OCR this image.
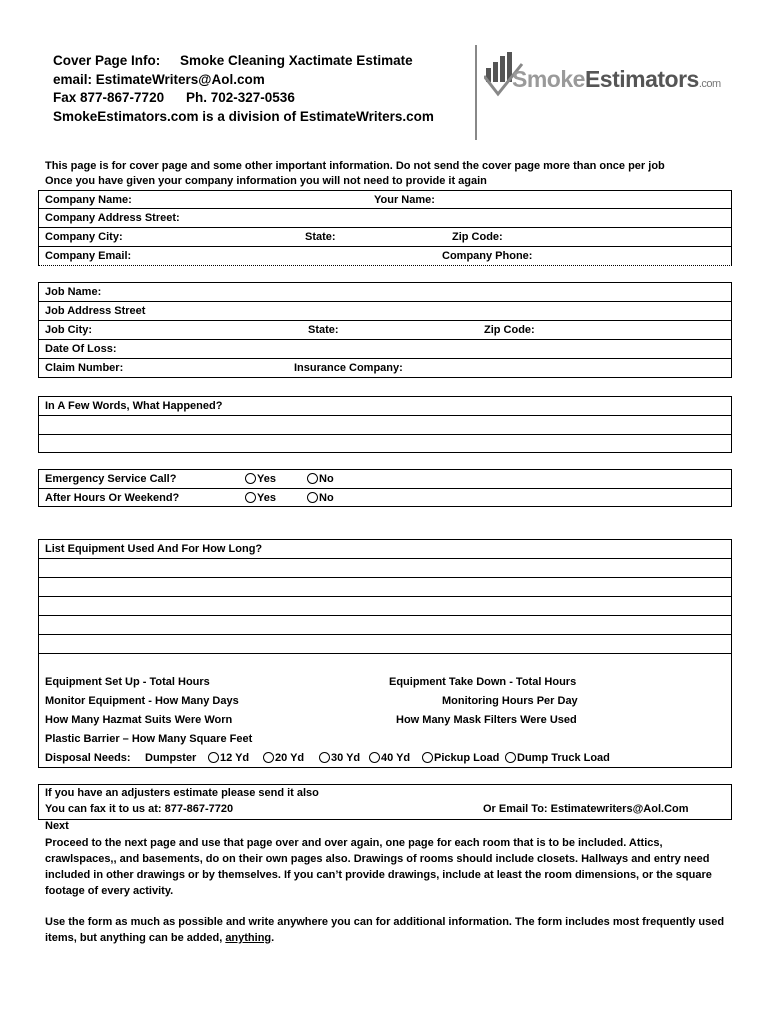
Cover Page Info: Smoke Cleaning Xactimate Estimate
email: EstimateWriters@Aol.com
Fax 877-867-7720 Ph. 702-327-0536
SmokeEstimators.com is a division of EstimateWriters.com
SmokeEstimators.com
This page is for cover page and some other important information. Do not send the cover page more than once per job
Once you have given your company information you will not need to provide it again
Company Name:	Your Name:
Company Address Street:
Company City:	State:	Zip Code:
Company Email:	Company Phone:
Job Name:
Job Address Street
Job City:	State:	Zip Code:
Date Of Loss:
Claim Number:	Insurance Company:
In A Few Words, What Happened?
Emergency Service Call?	Yes	No
After Hours Or Weekend?	Yes	No
List Equipment Used And For How Long?
Equipment Set Up - Total Hours	Equipment Take Down - Total Hours
Monitor Equipment - How Many Days	Monitoring Hours Per Day
How Many Hazmat Suits Were Worn	How Many Mask Filters Were Used
Plastic Barrier – How Many Square Feet
Disposal Needs: Dumpster	12 Yd	20 Yd	30 Yd	40 Yd	Pickup Load	Dump Truck Load
If you have an adjusters estimate please send it also
You can fax it to us at: 877-867-7720	Or Email To: Estimatewriters@Aol.Com
Next
Proceed to the next page and use that page over and over again, one page for each room that is to be included. Attics, crawlspaces,, and basements, do on their own pages also. Drawings of rooms should include closets. Hallways and entry need included in other drawings or by themselves. If you can’t provide drawings, include at least the room dimensions, or the square footage of every activity.
Use the form as much as possible and write anywhere you can for additional information. The form includes most frequently used items, but anything can be added, anything.
